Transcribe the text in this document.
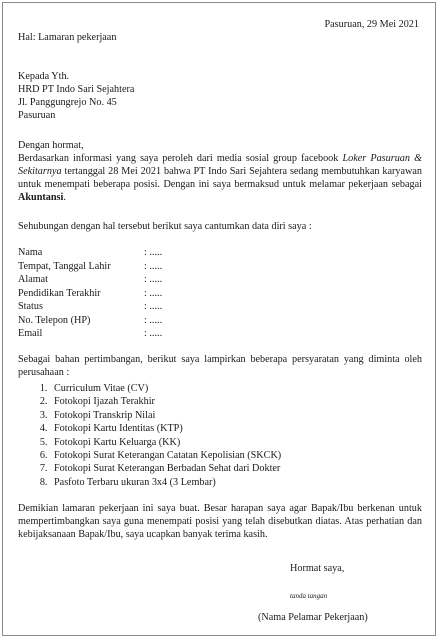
Pasuruan, 29 Mei 2021
Hal: Lamaran pekerjaan
Kepada Yth.
HRD PT Indo Sari Sejahtera
Jl. Panggungrejo No. 45
Pasuruan
Dengan hormat,
Berdasarkan informasi yang saya peroleh dari media sosial group facebook Loker Pasuruan & Sekitarnya tertanggal 28 Mei 2021 bahwa PT Indo Sari Sejahtera sedang membutuhkan karyawan untuk menempati beberapa posisi. Dengan ini saya bermaksud untuk melamar pekerjaan sebagai Akuntansi.
Sehubungan dengan hal tersebut berikut saya cantumkan data diri saya :
Nama	: .....
Tempat, Tanggal Lahir	: .....
Alamat	: .....
Pendidikan Terakhir	: .....
Status	: .....
No. Telepon (HP)	: .....
Email	: .....
Sebagai bahan pertimbangan, berikut saya lampirkan beberapa persyaratan yang diminta oleh perusahaan :
1. Curriculum Vitae (CV)
2. Fotokopi Ijazah Terakhir
3. Fotokopi Transkrip Nilai
4. Fotokopi Kartu Identitas (KTP)
5. Fotokopi Kartu Keluarga (KK)
6. Fotokopi Surat Keterangan Catatan Kepolisian (SKCK)
7. Fotokopi Surat Keterangan Berbadan Sehat dari Dokter
8. Pasfoto Terbaru ukuran 3x4 (3 Lembar)
Demikian lamaran pekerjaan ini saya buat. Besar harapan saya agar Bapak/Ibu berkenan untuk mempertimbangkan saya guna menempati posisi yang telah disebutkan diatas. Atas perhatian dan kebijaksanaan Bapak/Ibu, saya ucapkan banyak terima kasih.
Hormat saya,
tanda tangan
(Nama Pelamar Pekerjaan)
